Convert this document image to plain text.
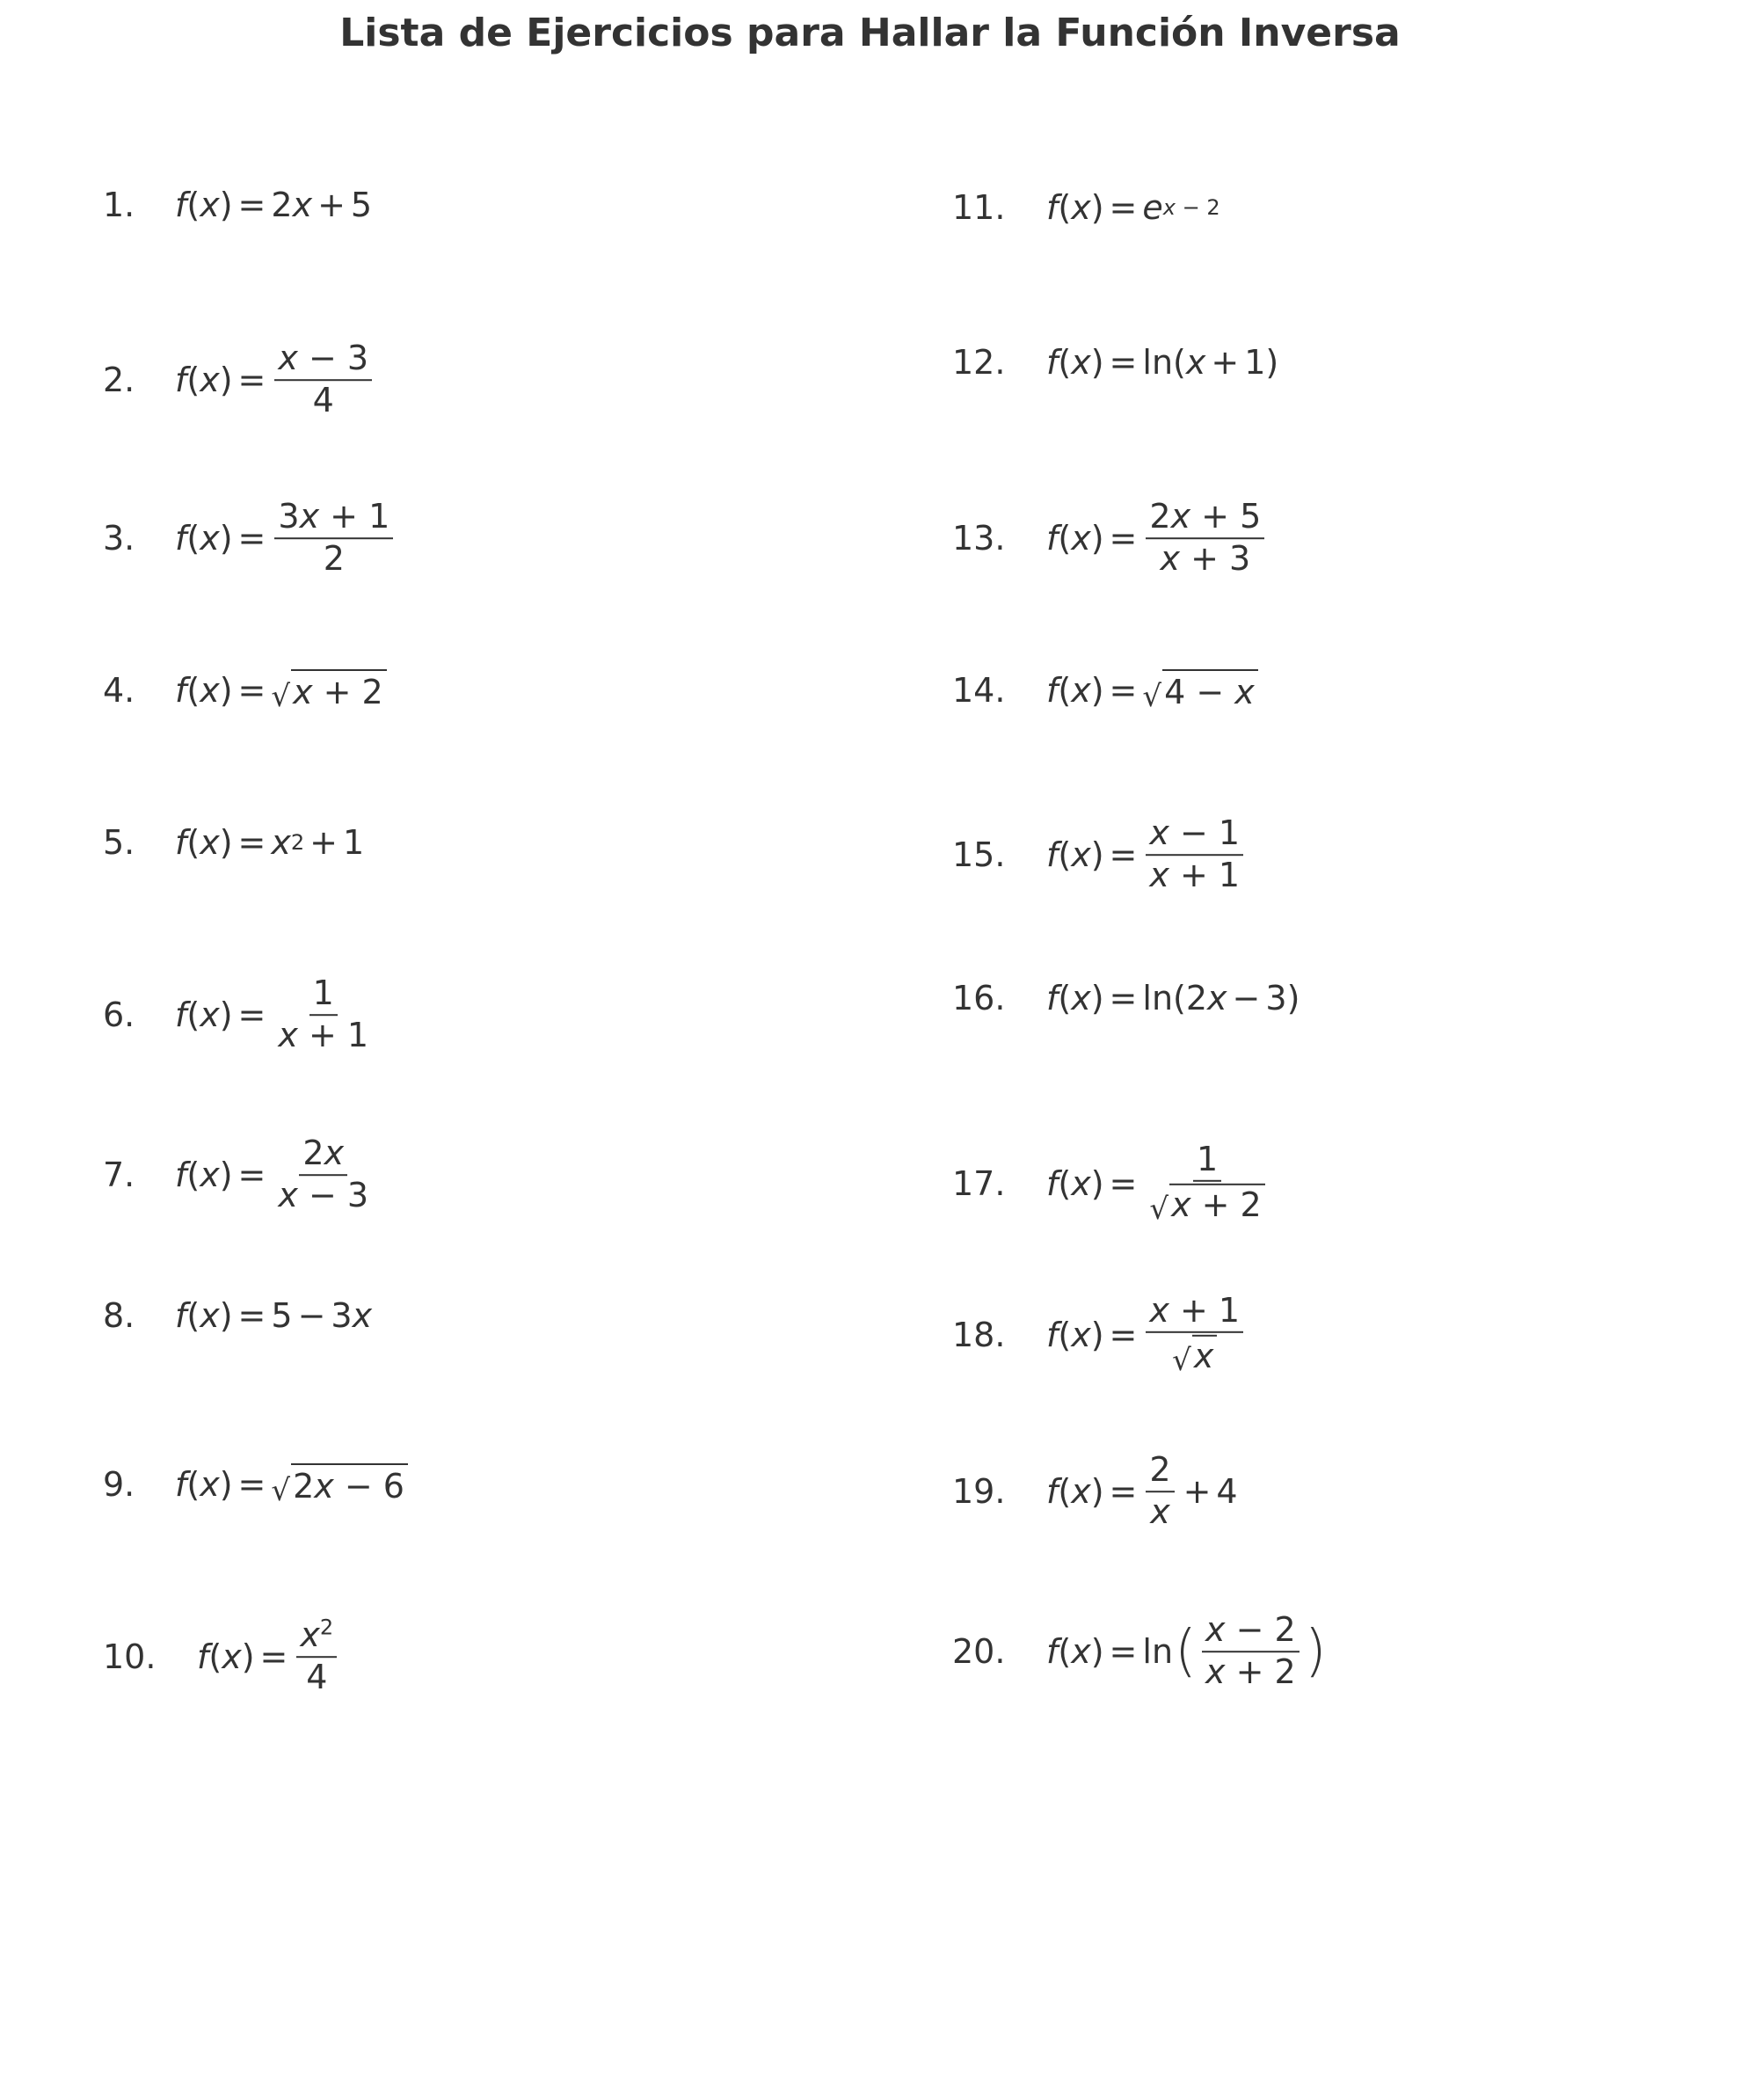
Lista de Ejercicios para Hallar la Función Inversa
1.	f ( x ) = 2 x + 5
2.	f ( x ) = $\frac{x - 3}{4}$
3.	f ( x ) = $\frac{3x + 1}{2}$
4.	f ( x ) = √ x + 2
5.	f ( x ) = x 2 + 1
6.	f ( x ) = $\frac{1}{x + 1}$
7.	f ( x ) = $\frac{2x}{x - 3}$
8.	f ( x ) = 5 − 3 x
9.	f ( x ) = √ 2x − 6
10.	f ( x ) = $\frac{x^2}{4}$
11.	f ( x ) = e x − 2
12.	f ( x ) = ln( x + 1)
13.	f ( x ) = $\frac{2x + 5}{x + 3}$
14.	f ( x ) = √ 4 − x
15.	f ( x ) = $\frac{x - 1}{x + 1}$
16.	f ( x ) = ln(2 x − 3)
17.	f ( x ) = $\frac{1}{√ x + 2}$
18.	f ( x ) = $\frac{x + 1}{√ x}$
19.	f ( x ) = $\frac{2}{x} + 4$
20.	f ( x ) = ln ( $\frac{x - 2}{x + 2}$ )
